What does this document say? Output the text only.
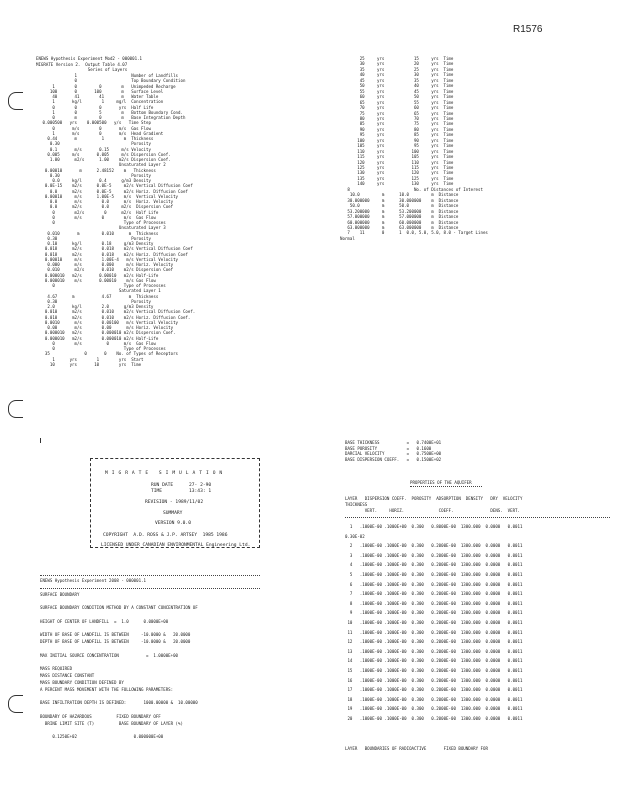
R1576
ENEWS Hypothesis Experiment Mod2 - 000001.1
MIGRATE Version 2.  Output Table 4.07
Series of Layers
1                      Number of Landfills
0                      Top Boundary Condition
1        0         0        m   Unimpeded Recharge
100       0       100        m   Surface Level
40       41        41       m   Water Table
1       kg/l        1     mg/l  Concentration
0        0         0       yrs  Half Life
1        0         5        m   Bottom Boundary Cond.
0        m         0        m   Base Integration Depth
0.000500   yrs    0.000500   y/s   Time Step
0       m/s        0       m/s  Gas Flow
1       m/s        0       m/s  Head Gradient
0.44       m          1        m  Thickness
0.30                             Porosity
0.1       m/s       0.15     m/s Velocity
0.005     m/s       0.005     m/s Dispersion Coef.
1.00      m2/s      1.00    m2/s Dispersion Coef.
Unsaturated Layer 2
0.00010       m      2.48152    m   Thickness
0.30                             Porosity
0.0     kg/l       0.4      g/m3 Density
0.0E-15    m2/s      0.0E-5     m2/s Vertical Diffusion Coef
0.0      m2/s      0.0E-5     m2/s Horiz. Diffusion Coef
0.00010     m/s      1.00E-5    m/s  Vertical Velocity
0.0       m/s        0.0      m/s  Horiz. Velocity
0.0      m2/s        0.0     m2/s  Dispersion Coef
0        m2/s        0      m2/s  Half Life
0        m/s        0        m/s  Gas Flow
0                            Type of Processes
Unsaturated Layer 3
0.010       m         0.010      m  Thickness
0.30                              Porosity
0.10      kg/l        0.18     g/m3 Density
0.018      m2/s        0.018    m2/s Vertical Diffusion Coef
0.018      m2/s        0.018    m2/s Horiz. Diffusion Coef
0.00010     m/s        1.00E-4   m/s Vertical Velocity
0.000      m/s        0.000     m/s Horiz. Velocity
0.010      m2/s       0.010    m2/s Dispersion Coef
0.000010   m2/s       0.00010   m2/s Half-Life
0.000010    m/s       0.00010    m/s Gas Flow
0                            Type of Processes
Saturated Layer 1
4.67      m           4.67       m  Thickness
0.30                              Porosity
2.0       kg/l        2.0      g/m3 Density
0.010      m2/s        0.010    m2/s Vertical Diffusion Coef.
0.010      m2/s        0.010    m2/s Horiz. Diffusion Coef.
0.0010      m/s        0.00100   m/s Vertical Velocity
0.00       m/s        0.00      m/s Horiz. Velocity
0.000010   m2/s        0.000010 m2/s Dispersion Coef.
0.000010   m2/s        0.000010 m2/s Half-Life
0        m/s          0      m/s  Gas Flow
0                            Type of Processes
35              0       0    No. of Types of Receptors
1      yrs        1        yrs  Start
10      yrs       10        yrs  Time
25     yrs            15     yrs  Time
30     yrs            20     yrs  Time
35     yrs            25     yrs  Time
40     yrs            30     yrs  Time
45     yrs            35     yrs  Time
50     yrs            40     yrs  Time
55     yrs            45     yrs  Time
60     yrs            50     yrs  Time
65     yrs            55     yrs  Time
70     yrs            60     yrs  Time
75     yrs            65     yrs  Time
80     yrs            70     yrs  Time
85     yrs            75     yrs  Time
90     yrs            80     yrs  Time
95     yrs            85     yrs  Time
100     yrs            90     yrs  Time
105     yrs            95     yrs  Time
110     yrs           100     yrs  Time
115     yrs           105     yrs  Time
120     yrs           110     yrs  Time
125     yrs           115     yrs  Time
130     yrs           120     yrs  Time
135     yrs           125     yrs  Time
140     yrs           130     yrs  Time
8                          No. of Distances of Interest
10.0         m      10.0         m  Distance
30.000000     m      30.000000    m  Distance
50.0         m      50.0         m  Distance
53.200000     m      53.200000    m  Distance
57.000000     m      57.000000    m  Distance
60.000000     m      60.000000    m  Distance
63.000000     m      63.000000    m  Distance
7    11       0      1  0.0, 5.0, 5.0, 8.0 - Target Lines
Normal
M I G R A T E   S I M U L A T I O N
RUN DATE	27- 2-90
TIME	13:43: 1
REVISION - 1989/11/02
SUMMARY
VERSION 9.0.0
COPYRIGHT  A.D. ROSS & J.P. ARTSEY  1985 1986
LICENSED UNDER CANADIAN ENVIRONMENTAL Engineering Ltd.
ENEWS Hypothesis Experiment 2008 - 000001.1
SURFACE BOUNDARY
SURFACE BOUNDARY CONDITION METHOD BY A CONSTANT CONCENTRATION OF
HEIGHT OF CENTER OF LANDFILL  =  1.0      0.0000E+00
WIDTH OF BASE OF LANDFILL IS BETWEEN     -10.0000 &   20.0000
DEPTH OF BASE OF LANDFILL IS BETWEEN     -10.0000 &   20.0000
MAX INITIAL SOURCE CONCENTRATION           =  1.0000E+00
MASS REQUIRED
MASS DISTANCE CONSTANT
MASS BOUNDARY CONDITION DEFINED BY
A PERCENT MASS MOVEMENT WITH THE FOLLOWING PARAMETERS:
BASE INFILTRATION DEPTH IS DEFINED:       1000.00000 &  10.00000
BOUNDARY OF HAZARDOUS          FIXED BOUNDARY OFF
BRINE LIMIT SITE (T)          BASE BOUNDARY OF LAYER (%)
0.1250E+02                       0.000000E+00
BASE THICKNESS           =   0.7400E+01
BASE POROSITY            =   0.1600
DARCIAL VELOCITY         =   0.7500E+00
BASE DISPERSION COEFF.   =   0.1500E+02
PROPERTIES OF THE AQUIFER
LAYER   DISPERSION COEFF.  POROSITY  ADSORPTION  DENSITY   DRY  VELOCITY
THICKNESS
VERT.     HORIZ.              COEFF.               DENS.  VERT.
1   .1000E-00 .1000E+00  0.300   0.8000E-00  1300.000  0.0000   0.0011
0.30E-02
2   .1000E-00 .1000E-00  0.300   0.2000E-00  1300.000  0.0000   0.0011
3   .1000E-00 .1000E-00  0.300   0.2000E-00  1300.000  0.0000   0.0011
4   .1000E-00 .1000E-00  0.300   0.2000E-00  1300.000  0.0000   0.0011
5   .1000E-00 .1000E-00  0.300   0.2000E-00  1300.000  0.0000   0.0011
6   .1000E-00 .1000E-00  0.300   0.2000E-00  1300.000  0.0000   0.0011
7   .1000E-00 .1000E-00  0.300   0.2000E-00  1300.000  0.0000   0.0011
8   .1000E-00 .1000E-00  0.300   0.2000E-00  1300.000  0.0000   0.0011
9   .1000E-00 .1000E-00  0.300   0.2000E-00  1300.000  0.0000   0.0011
10   .1000E-00 .1000E-00  0.300   0.2000E-00  1300.000  0.0000   0.0011
11   .1000E-00 .1000E-00  0.300   0.2000E-00  1300.000  0.0000   0.0011
12   .1000E-00 .1000E-00  0.300   0.2000E-00  1300.000  0.0000   0.0011
13   .1000E-00 .1000E-00  0.300   0.2000E-00  1300.000  0.0000   0.0011
14   .1000E-00 .1000E-00  0.300   0.2000E-00  1300.000  0.0000   0.0011
15   .1000E-00 .1000E-00  0.300   0.2000E-00  1300.000  0.0000   0.0011
16   .1000E-00 .1000E-00  0.300   0.2000E-00  1300.000  0.0000   0.0011
17   .1000E-00 .1000E-00  0.300   0.2000E-00  1300.000  0.0000   0.0011
18   .1000E-00 .1000E-00  0.300   0.2000E-00  1300.000  0.0000   0.0011
19   .1000E-00 .1000E-00  0.300   0.2000E-00  1300.000  0.0000   0.0011
20   .1000E-00 .1000E-00  0.300   0.2000E-00  1300.000  0.0000   0.0011
LAYER   BOUNDARIES OF RADIOACTIVE       FIXED BOUNDARY FOR
